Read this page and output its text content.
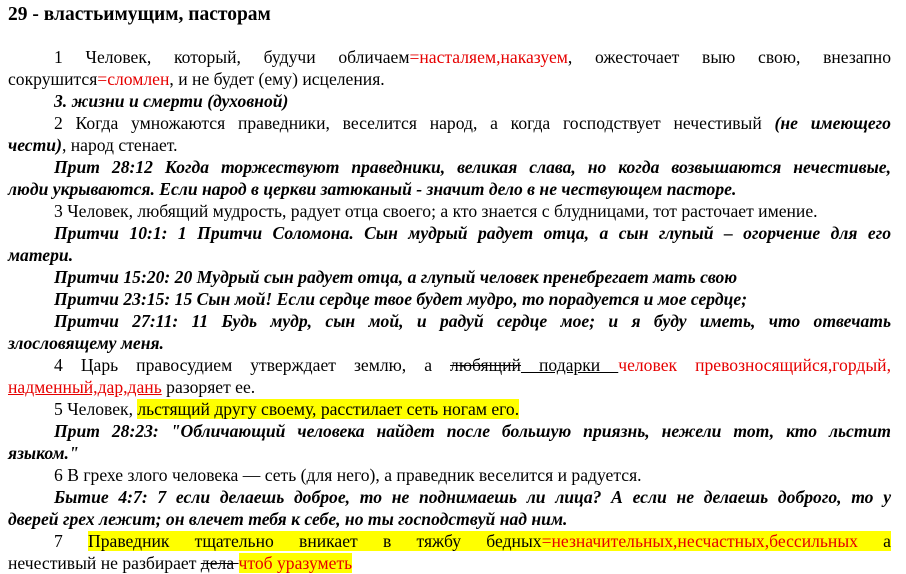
29 - властьимущим, пасторам
1 Человек, который, будучи обличаем=насталяем,наказуем, ожесточает выю свою, внезапно
сокрушится=сломлен, и не будет (ему) исцеления.
3. жизни и смерти (духовной)
2 Когда умножаются праведники, веселится народ, а когда господствует нечестивый (не имеющего
чести), народ стенает.
Прит 28:12 Когда торжествуют праведники, великая слава, но когда возвышаются нечестивые,
люди укрываются. Если народ в церкви затюканый - значит дело в не чествующем пасторе.
3 Человек, любящий мудрость, радует отца своего; а кто знается с блудницами, тот расточает имение.
Притчи 10:1: 1 Притчи Соломона. Сын мудрый радует отца, а сын глупый – огорчение для его
матери.
Притчи 15:20: 20 Мудрый сын радует отца, а глупый человек пренебрегает мать свою
Притчи 23:15: 15 Сын мой! Если сердце твое будет мудро, то порадуется и мое сердце;
Притчи 27:11: 11 Будь мудр, сын мой, и радуй сердце мое; и я буду иметь, что отвечать
злословящему меня.
4 Царь правосудием утверждает землю, а любящий подарки человек превозносящийся,гордый,
надменный,дар,дань разоряет ее.
5 Человек, льстящий другу своему, расстилает сеть ногам его.
Прит 28:23: "Обличающий человека найдет после большую приязнь, нежели тот, кто льстит
языком."
6 В грехе злого человека — сеть (для него), а праведник веселится и радуется.
Бытие 4:7: 7 если делаешь доброе, то не поднимаешь ли лица? А если не делаешь доброго, то у
дверей грех лежит; он влечет тебя к себе, но ты господствуй над ним.
7 Праведник тщательно вникает в тяжбу бедных=незначительных,несчастных,бессильных а
нечестивый не разбирает дела чтоб уразуметь
